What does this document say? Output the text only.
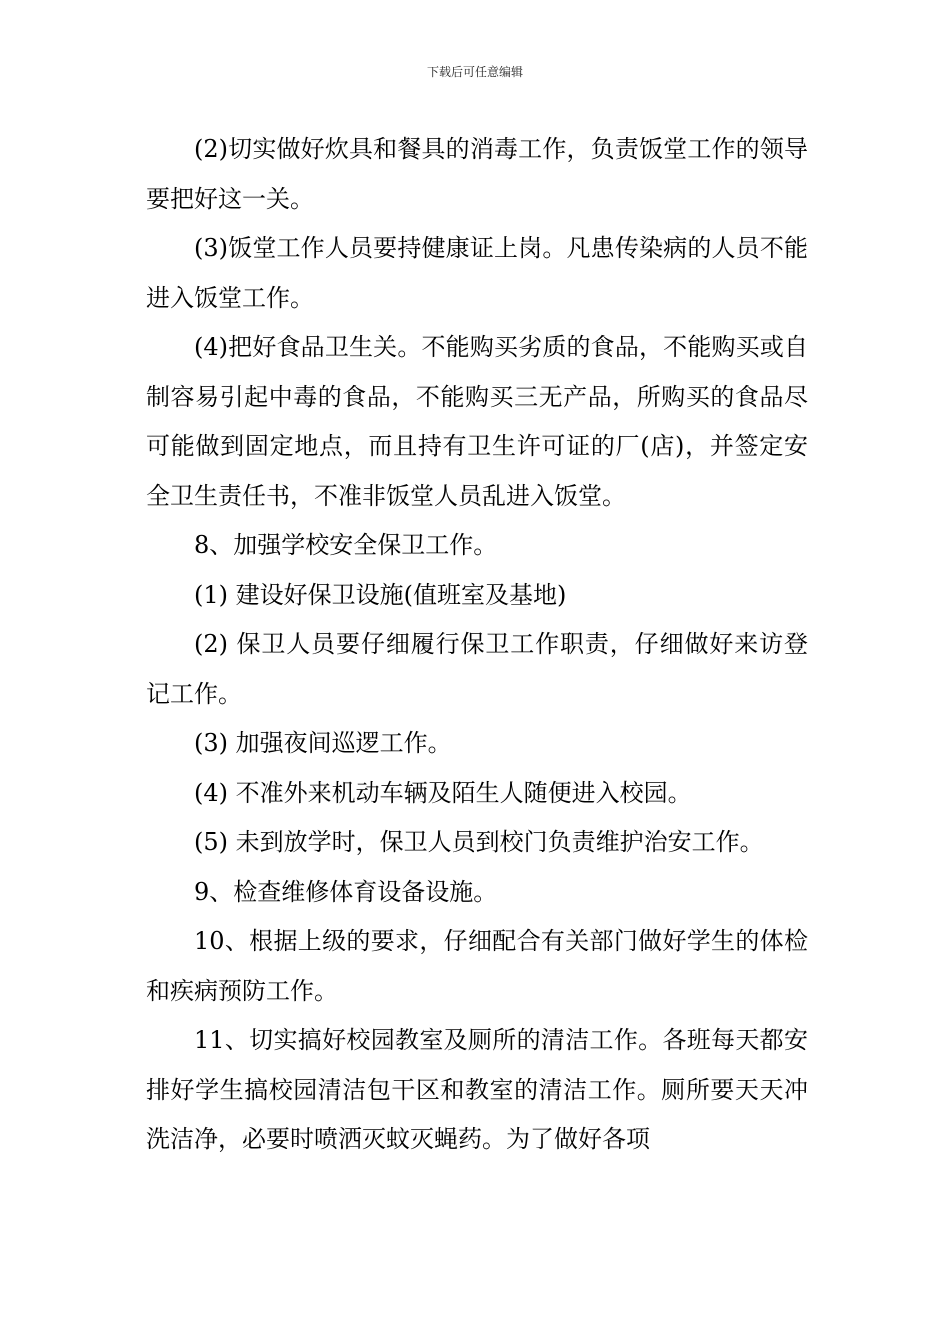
下载后可任意编辑

(2)切实做好炊具和餐具的消毒工作，负责饭堂工作的领导要把好这一关。

(3)饭堂工作人员要持健康证上岗。凡患传染病的人员不能进入饭堂工作。

(4)把好食品卫生关。不能购买劣质的食品，不能购买或自制容易引起中毒的食品，不能购买三无产品，所购买的食品尽可能做到固定地点，而且持有卫生许可证的厂(店)，并签定安全卫生责任书，不准非饭堂人员乱进入饭堂。

8、加强学校安全保卫工作。

(1) 建设好保卫设施(值班室及基地)

(2) 保卫人员要仔细履行保卫工作职责，仔细做好来访登记工作。

(3) 加强夜间巡逻工作。

(4) 不准外来机动车辆及陌生人随便进入校园。

(5) 未到放学时，保卫人员到校门负责维护治安工作。

9、检查维修体育设备设施。

10、根据上级的要求，仔细配合有关部门做好学生的体检和疾病预防工作。

11、切实搞好校园教室及厕所的清洁工作。各班每天都安排好学生搞校园清洁包干区和教室的清洁工作。厕所要天天冲洗洁净，必要时喷洒灭蚊灭蝇药。为了做好各项
